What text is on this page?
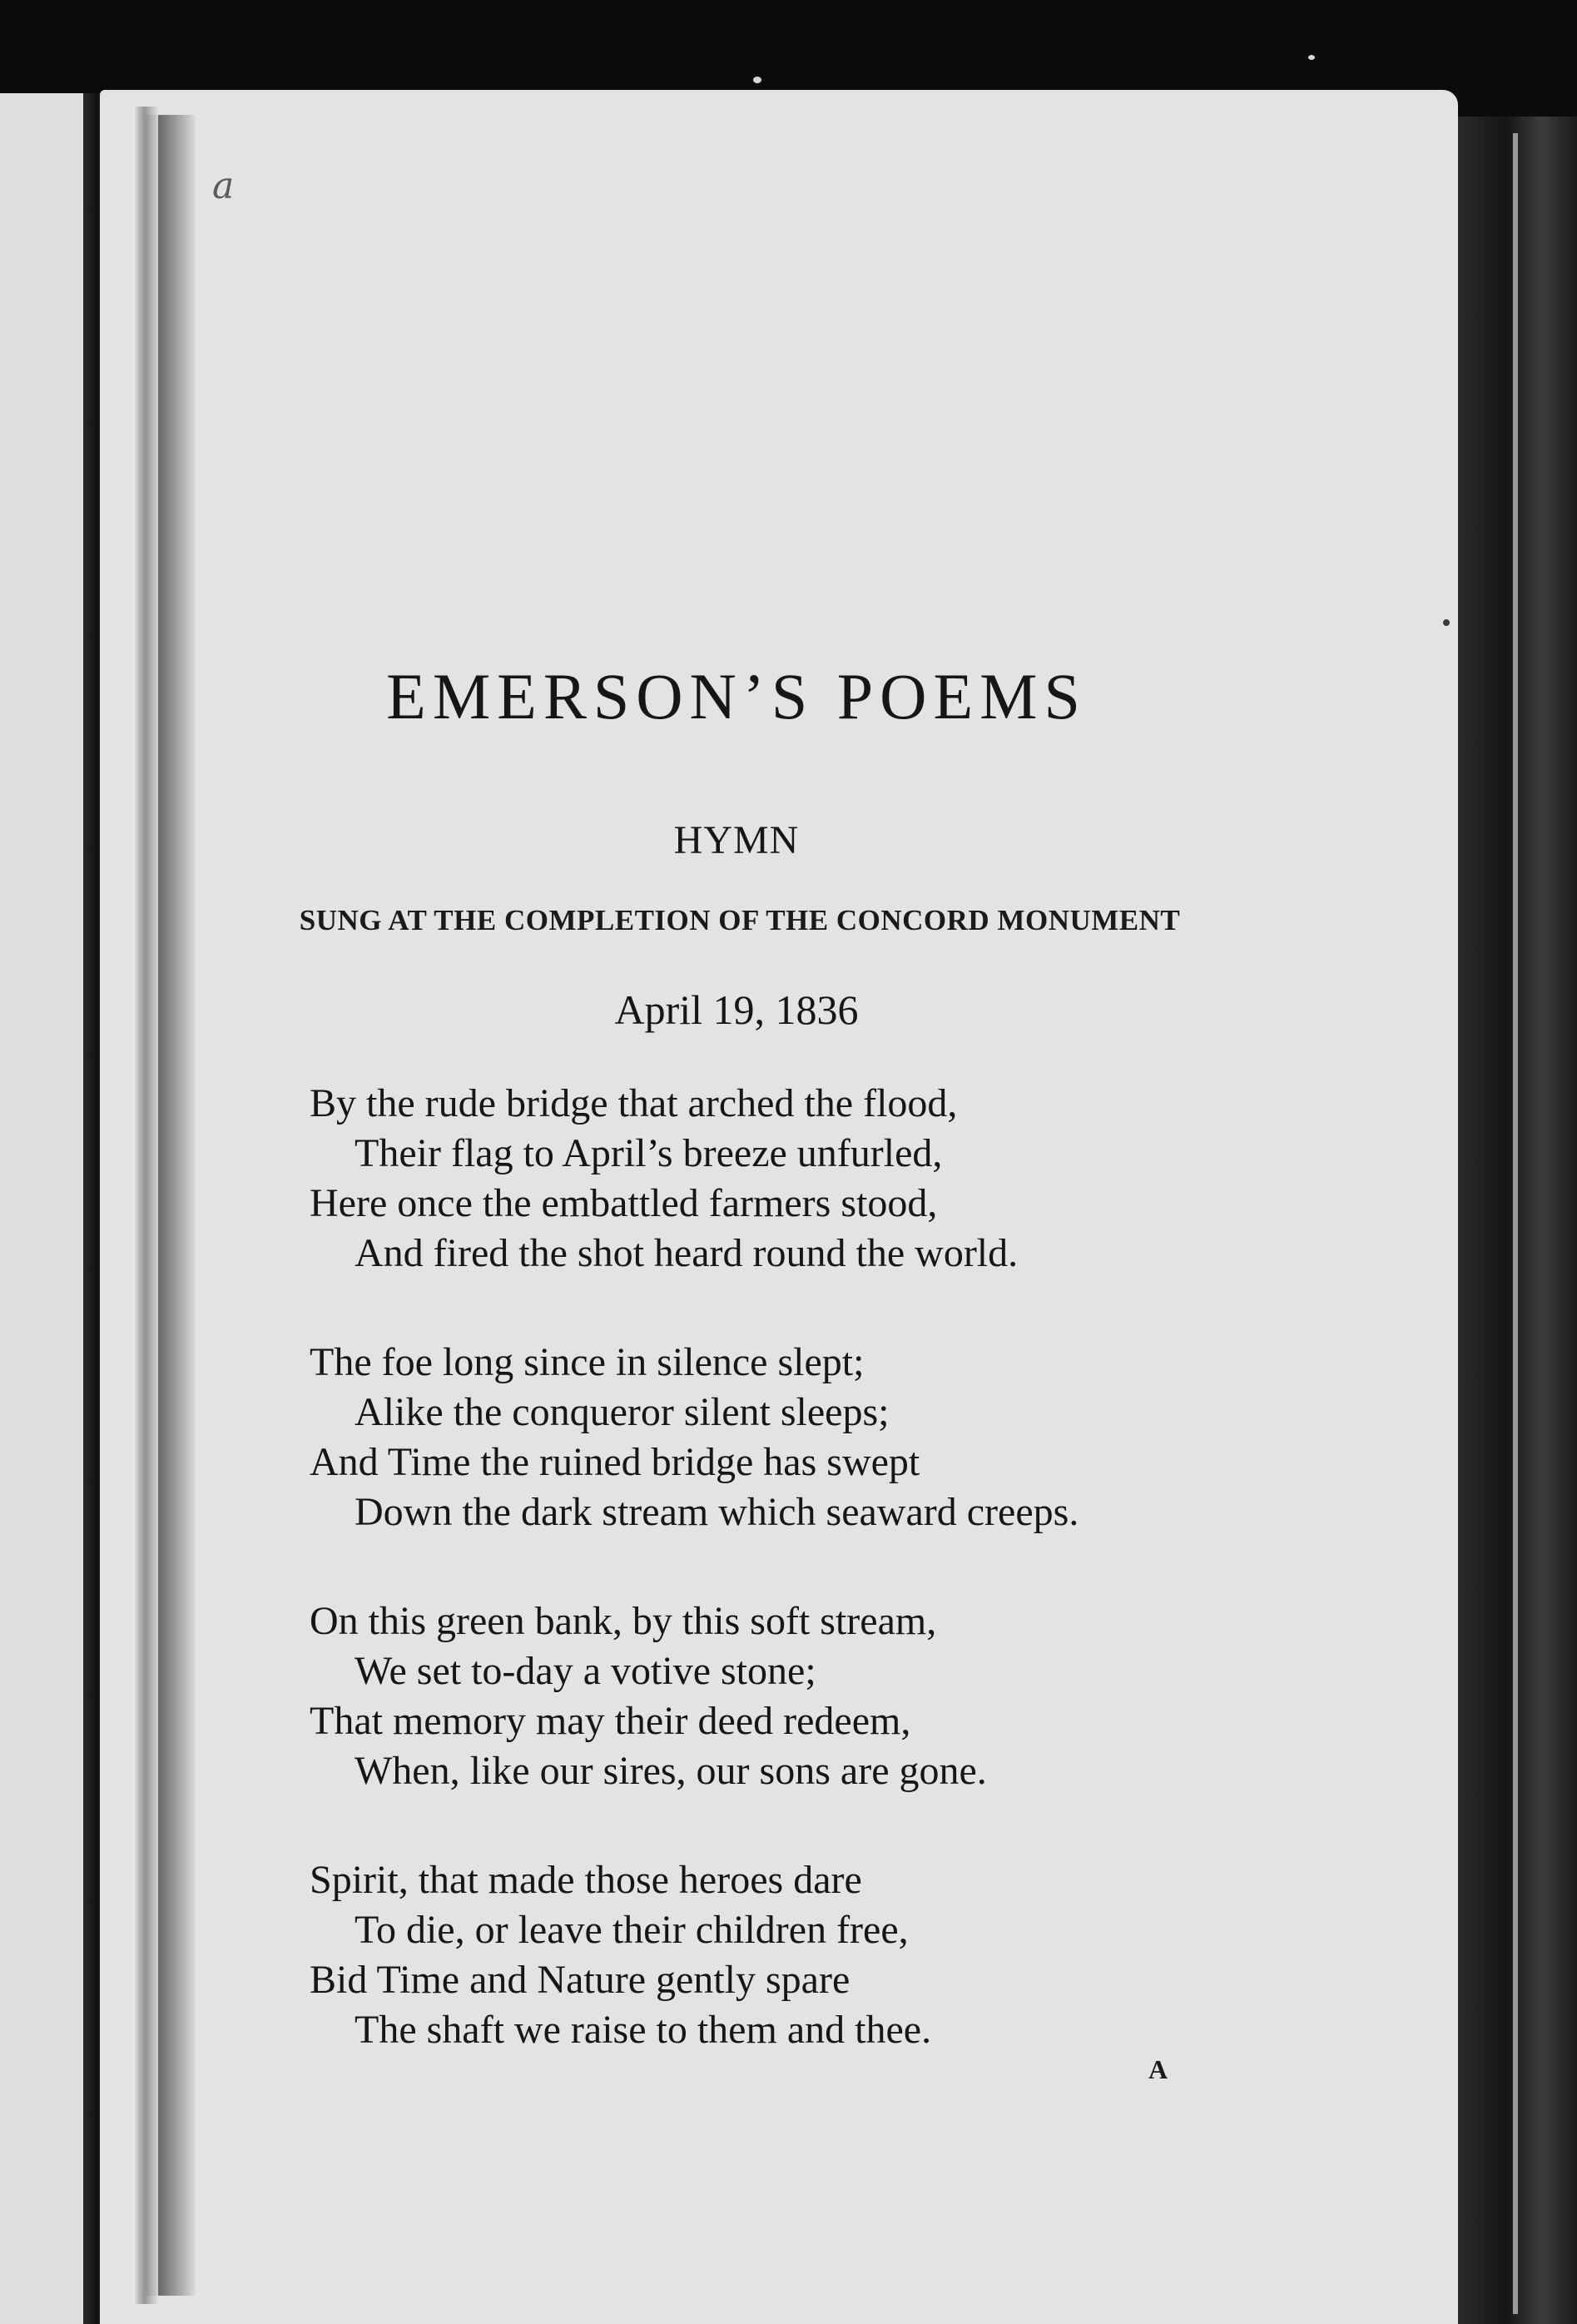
a

EMERSON’S POEMS
HYMN

SUNG AT THE COMPLETION OF THE CONCORD MONUMENT

April 19, 1836

By the rude bridge that arched the flood,

Their flag to April’s breeze unfurled,

Here once the embattled farmers stood,

And fired the shot heard round the world.

The foe long since in silence slept;

Alike the conqueror silent sleeps;

And Time the ruined bridge has swept

Down the dark stream which seaward creeps.

On this green bank, by this soft stream,

We set to-day a votive stone;

That memory may their deed redeem,

When, like our sires, our sons are gone.

Spirit, that made those heroes dare

To die, or leave their children free,

Bid Time and Nature gently spare

The shaft we raise to them and thee.

A
